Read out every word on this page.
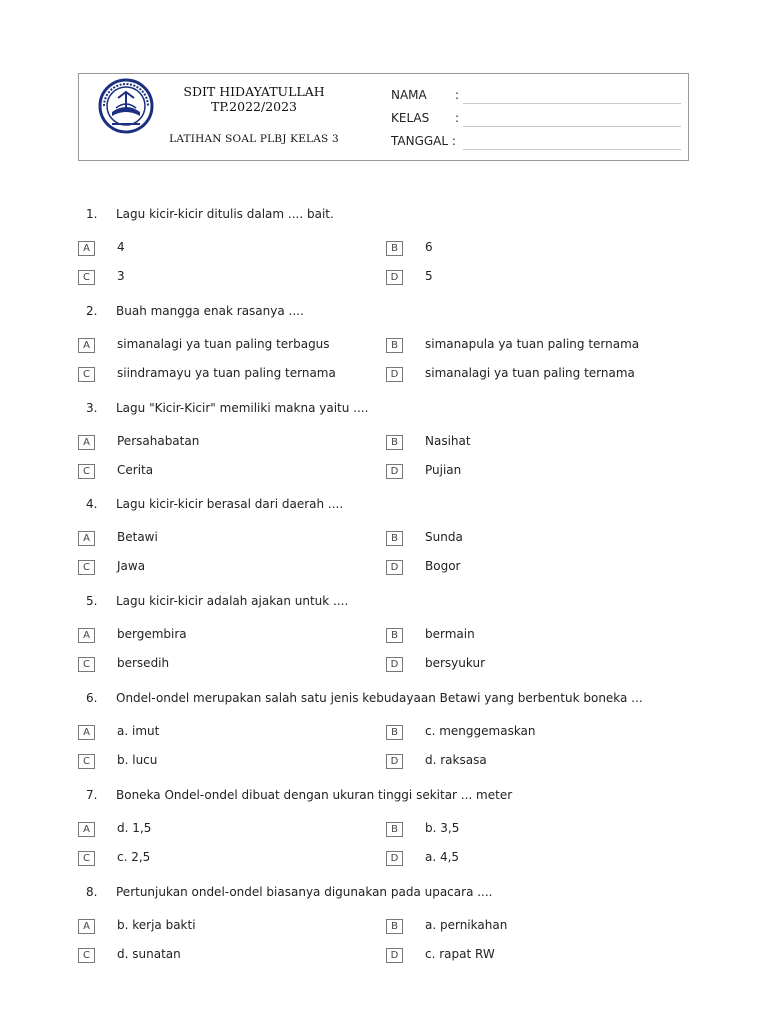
SDIT HIDAYATULLAH
TP.2022/2023
LATIHAN SOAL PLBJ KELAS 3
NAMA :
KELAS :
TANGGAL :
1. Lagu kicir-kicir ditulis dalam .... bait.
A	4	B	6
C	3	D	5
2. Buah mangga enak rasanya ....
A	simanalagi ya tuan paling terbagus	B	simanapula ya tuan paling ternama
C	siindramayu ya tuan paling ternama	D	simanalagi ya tuan paling ternama
3. Lagu "Kicir-Kicir" memiliki makna yaitu ....
A	Persahabatan	B	Nasihat
C	Cerita	D	Pujian
4. Lagu kicir-kicir berasal dari daerah ....
A	Betawi	B	Sunda
C	Jawa	D	Bogor
5. Lagu kicir-kicir adalah ajakan untuk ....
A	bergembira	B	bermain
C	bersedih	D	bersyukur
6. Ondel-ondel merupakan salah satu jenis kebudayaan Betawi yang berbentuk boneka ...
A	a. imut	B	c. menggemaskan
C	b. lucu	D	d. raksasa
7. Boneka Ondel-ondel dibuat dengan ukuran tinggi sekitar ... meter
A	d. 1,5	B	b. 3,5
C	c. 2,5	D	a. 4,5
8. Pertunjukan ondel-ondel biasanya digunakan pada upacara ....
A	b. kerja bakti	B	a. pernikahan
C	d. sunatan	D	c. rapat RW
